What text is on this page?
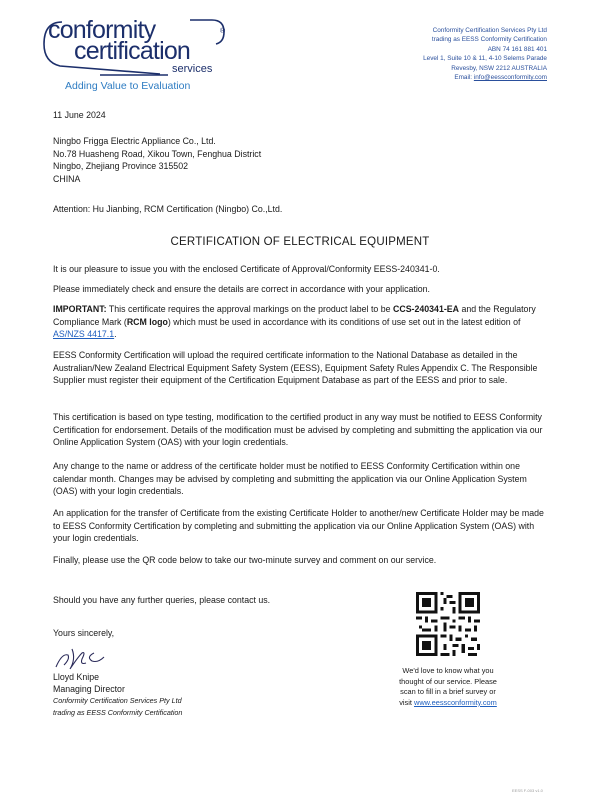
conformity
certification
®
services
Adding Value to Evaluation
Conformity Certification Services Pty Ltd
trading as EESS Conformity Certification
ABN 74 161 881 401
Level 1, Suite 10 & 11, 4-10 Selems Parade
Revesby, NSW 2212 AUSTRALIA
Email: info@eessconformity.com
11 June 2024
Ningbo Frigga Electric Appliance Co., Ltd.
No.78 Huasheng Road, Xikou Town, Fenghua District
Ningbo, Zhejiang Province 315502
CHINA
Attention: Hu Jianbing, RCM Certification (Ningbo) Co.,Ltd.
CERTIFICATION OF ELECTRICAL EQUIPMENT
It is our pleasure to issue you with the enclosed Certificate of Approval/Conformity EESS-240341-0.
Please immediately check and ensure the details are correct in accordance with your application.
IMPORTANT: This certificate requires the approval markings on the product label to be CCS-240341-EA and the Regulatory Compliance Mark (RCM logo) which must be used in accordance with its conditions of use set out in the latest edition of AS/NZS 4417.1.
EESS Conformity Certification will upload the required certificate information to the National Database as detailed in the Australian/New Zealand Electrical Equipment Safety System (EESS), Equipment Safety Rules Appendix C. The Responsible Supplier must register their equipment of the Certification Equipment Database as part of the EESS and prior to sale.
This certification is based on type testing, modification to the certified product in any way must be notified to EESS Conformity Certification for endorsement. Details of the modification must be advised by completing and submitting the application via our Online Application System (OAS) with your login credentials.
Any change to the name or address of the certificate holder must be notified to EESS Conformity Certification within one calendar month. Changes may be advised by completing and submitting the application via our Online Application System (OAS) with your login credentials.
An application for the transfer of Certificate from the existing Certificate Holder to another/new Certificate Holder may be made to EESS Conformity Certification by completing and submitting the application via our Online Application System (OAS) with your login credentials.
Finally, please use the QR code below to take our two-minute survey and comment on our service.
Should you have any further queries, please contact us.
Yours sincerely,
Lloyd Knipe
Managing Director
Conformity Certification Services Pty Ltd
trading as EESS Conformity Certification
We'd love to know what you
thought of our service. Please
scan to fill in a brief survey or
visit www.eessconformity.com
EESS F-003 v1.0
